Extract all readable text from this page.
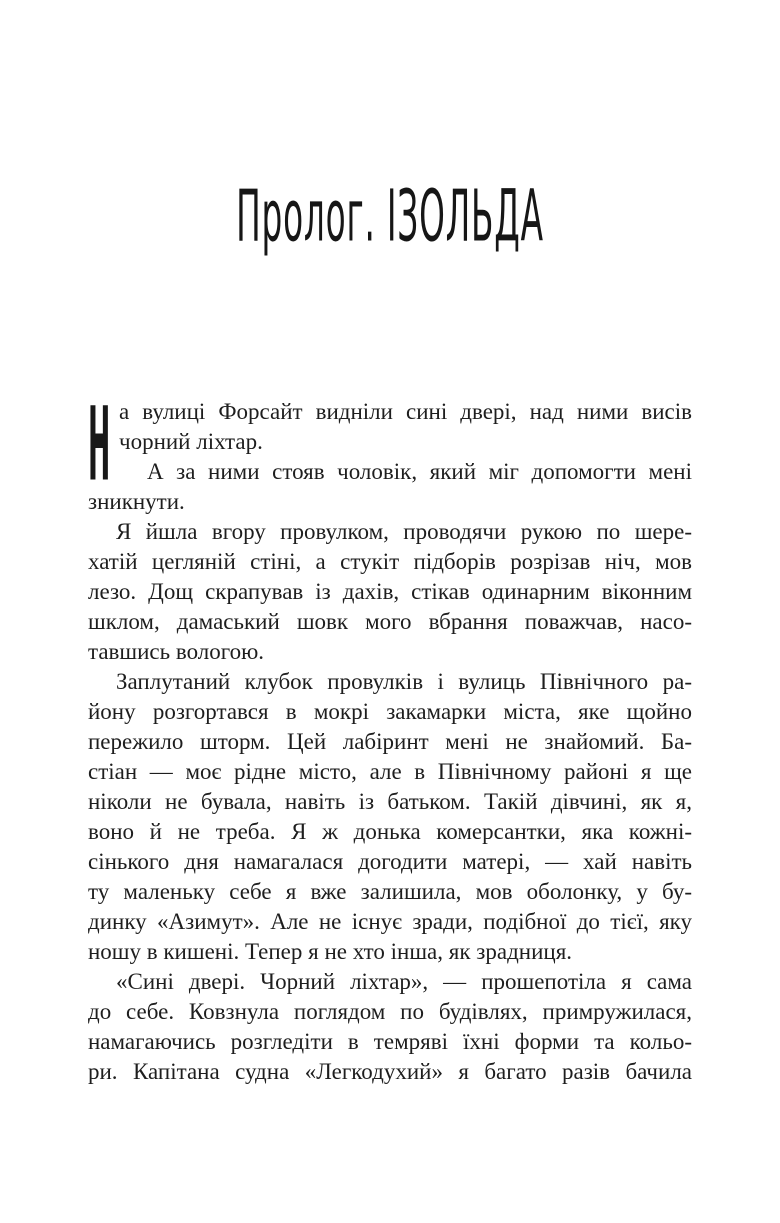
Пролог. ІЗОЛЬДА
Н а вулиці Форсайт видніли сині двері, над ними висів
чорний ліхтар.
А за ними стояв чоловік, який міг допомогти мені
зникнути.
Я йшла вгору провулком, проводячи рукою по шере-
хатій цегляній стіні, а стукіт підборів розрізав ніч, мов
лезо. Дощ скрапував із дахів, стікав одинарним віконним
шклом, дамаський шовк мого вбрання поважчав, насо-
тавшись вологою.
Заплутаний клубок провулків і вулиць Північного ра-
йону розгортався в мокрі закамарки міста, яке щойно
пережило шторм. Цей лабіринт мені не знайомий. Ба-
стіан — моє рідне місто, але в Північному районі я ще
ніколи не бувала, навіть із батьком. Такій дівчині, як я,
воно й не треба. Я ж донька комерсантки, яка кожні-
сінького дня намагалася догодити матері, — хай навіть
ту маленьку себе я вже залишила, мов оболонку, у бу-
динку «Азимут». Але не існує зради, подібної до тієї, яку
ношу в кишені. Тепер я не хто інша, як зрадниця.
«Сині двері. Чорний ліхтар», — прошепотіла я сама
до себе. Ковзнула поглядом по будівлях, примружилася,
намагаючись розгледіти в темряві їхні форми та кольо-
ри. Капітана судна «Легкодухий» я багато разів бачила
